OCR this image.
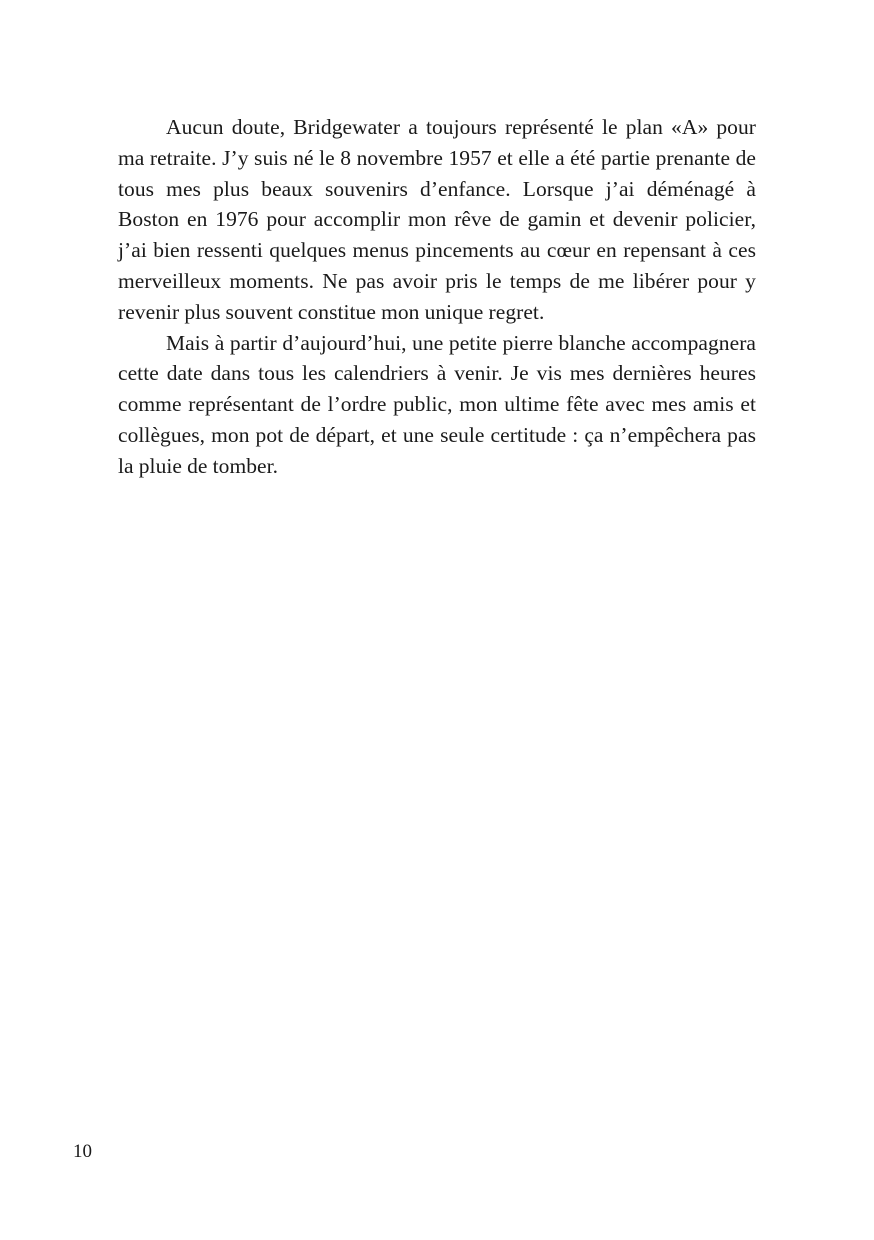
Aucun doute, Bridgewater a toujours représenté le plan «A» pour ma retraite. J’y suis né le 8 novembre 1957 et elle a été partie prenante de tous mes plus beaux souvenirs d’enfance. Lorsque j’ai déménagé à Boston en 1976 pour accomplir mon rêve de gamin et devenir policier, j’ai bien ressenti quelques menus pincements au cœur en repensant à ces merveilleux moments. Ne pas avoir pris le temps de me libérer pour y revenir plus souvent constitue mon unique regret.

Mais à partir d’aujourd’hui, une petite pierre blanche accompagnera cette date dans tous les calendriers à venir. Je vis mes dernières heures comme représentant de l’ordre public, mon ultime fête avec mes amis et collègues, mon pot de départ, et une seule certitude : ça n’empêchera pas la pluie de tomber.

10
